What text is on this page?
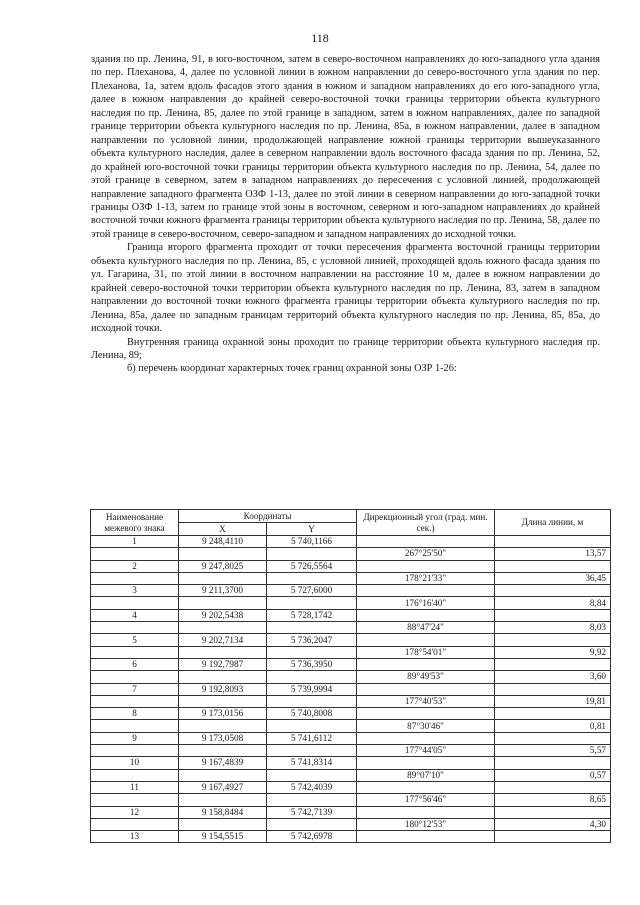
118

здания по пр. Ленина, 91, в юго-восточном, затем в северо-восточном направлениях до юго-западного угла здания по пер. Плеханова, 4, далее по условной линии в южном направлении до северо-восточного угла здания по пер. Плеханова, 1а, затем вдоль фасадов этого здания в южном и западном направлениях до его юго-западного угла, далее в южном направлении до крайней северо-восточной точки границы территории объекта культурного наследия по пр. Ленина, 85, далее по этой границе в западном, затем в южном направлениях, далее по западной границе территории объекта культурного наследия по пр. Ленина, 85а, в южном направлении, далее в западном направлении по условной линии, продолжающей направление южной границы территории вышеуказанного объекта культурного наследия, далее в северном направлении вдоль восточного фасада здания по пр. Ленина, 52, до крайней юго-восточной точки границы территории объекта культурного наследия по пр. Ленина, 54, далее по этой границе в северном, затем в западном направлениях до пересечения с условной линией, продолжающей направление западного фрагмента ОЗФ 1-13, далее по этой линии в северном направлении до юго-западной точки границы ОЗФ 1-13, затем по границе этой зоны в восточном, северном и юго-западном направлениях до крайней восточной точки южного фрагмента границы территории объекта культурного наследия по пр. Ленина, 58, далее по этой границе в северо-восточном, северо-западном и западном направлениях до исходной точки.

Граница второго фрагмента проходит от точки пересечения фрагмента восточной границы территории объекта культурного наследия по пр. Ленина, 85, с условной линией, проходящей вдоль южного фасада здания по ул. Гагарина, 31, по этой линии в восточном направлении на расстояние 10 м, далее в южном направлении до крайней северо-восточной точки территории объекта культурного наследия по пр. Ленина, 83, затем в западном направлении до восточной точки южного фрагмента границы территории объекта культурного наследия по пр. Ленина, 85а, далее по западным границам территорий объекта культурного наследия по пр. Ленина, 85, 85а, до исходной точки.

Внутренняя граница охранной зоны проходит по границе территории объекта культурного наследия пр. Ленина, 89;

б) перечень координат характерных точек границ охранной зоны ОЗР 1-26:

Наименование межевого знака	Координаты		Дирекционный угол (град. мин. сек.)	Длина линии, м
	X	Y		
1	9 248,4110	5 740,1166		
			267°25'50"	13,57
2	9 247,8025	5 726,5564		
			178°21'33"	36,45
3	9 211,3700	5 727,6000		
			176°16'40"	8,84
4	9 202,5438	5 728,1742		
			88°47'24"	8,03
5	9 202,7134	5 736,2047		
			178°54'01"	9,92
6	9 192,7987	5 736,3950		
			89°49'53"	3,60
7	9 192,8093	5 739,9994		
			177°40'53"	19,81
8	9 173,0156	5 740,8008		
			87°30'46"	0,81
9	9 173,0508	5 741,6112		
			177°44'05"	5,57
10	9 167,4839	5 741,8314		
			89°07'10"	0,57
11	9 167,4927	5 742,4039		
			177°56'46"	8,65
12	9 158,8484	5 742,7139		
			180°12'53"	4,30
13	9 154,5515	5 742,6978		
